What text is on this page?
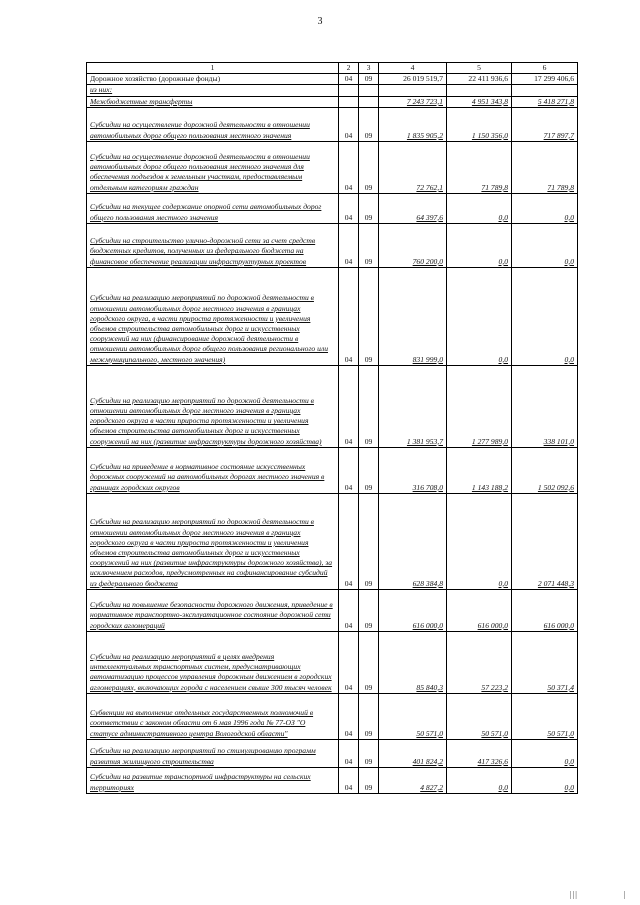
3
1	2	3	4	5	6
Дорожное хозяйство (дорожные фонды)	04	09	26 019 519,7	22 411 936,6	17 299 406,6
из них:					
Межбюджетные трансферты			7 243 723,1	4 951 343,8	5 418 271,8
Субсидии на осуществление дорожной деятельности в отношении автомобильных дорог общего пользования местного значения	04	09	1 835 905,2	1 150 356,0	717 897,7
Субсидии на осуществление дорожной деятельности в отношении автомобильных дорог общего пользования местного значения для обеспечения подъездов к земельным участкам, предоставляемым отдельным категориям граждан	04	09	72 762,1	71 789,8	71 789,8
Субсидии на текущее содержание опорной сети автомобильных дорог общего пользования местного значения	04	09	64 397,6	0,0	0,0
Субсидии на строительство улично-дорожной сети за счет средств бюджетных кредитов, полученных из федерального бюджета на финансовое обеспечение реализации инфраструктурных проектов	04	09	760 200,0	0,0	0,0
Субсидии на реализацию мероприятий по дорожной деятельности в отношении автомобильных дорог местного значения в границах городского округа, в части прироста протяженности и увеличения объемов строительства автомобильных дорог и искусственных сооружений на них (финансирование дорожной деятельности в отношении автомобильных дорог общего пользования регионального или межмуниципального, местного значения)	04	09	831 999,0	0,0	0,0
Субсидии на реализацию мероприятий по дорожной деятельности в отношении автомобильных дорог местного значения в границах городского округа в части прироста протяженности и увеличения объемов строительства автомобильных дорог и искусственных сооружений на них (развитие инфраструктуры дорожного хозяйства)	04	09	1 381 953,7	1 277 989,0	338 101,0
Субсидии на приведение в нормативное состояние искусственных дорожных сооружений на автомобильных дорогах местного значения в границах городских округов	04	09	316 708,0	1 143 188,2	1 502 092,6
Субсидии на реализацию мероприятий по дорожной деятельности в отношении автомобильных дорог местного значения в границах городского округа в части прироста протяженности и увеличения объемов строительства автомобильных дорог и искусственных сооружений на них (развитие инфраструктуры дорожного хозяйства), за исключением расходов, предусмотренных на софинансирование субсидий из федерального бюджета	04	09	628 384,8	0,0	2 071 448,3
Субсидии на повышение безопасности дорожного движения, приведение в нормативное транспортно-эксплуатационное состояние дорожной сети городских агломераций	04	09	616 000,0	616 000,0	616 000,0
Субсидии на реализацию мероприятий в целях внедрения интеллектуальных транспортных систем, предусматривающих автоматизацию процессов управления дорожным движением в городских агломерациях, включающих города с населением свыше 300 тысяч человек	04	09	85 840,3	57 223,2	50 371,4
Субвенции на выполнение отдельных государственных полномочий в соответствии с законом области от 6 мая 1996 года № 77-ОЗ "О статусе административного центра Вологодской области"	04	09	50 571,0	50 571,0	50 571,0
Субсидии на реализацию мероприятий по стимулированию программ развития жилищного строительства	04	09	401 824,2	417 326,6	0,0
Субсидии на развитие транспортной инфраструктуры на сельских территориях	04	09	4 827,2	0,0	0,0
|||	|
